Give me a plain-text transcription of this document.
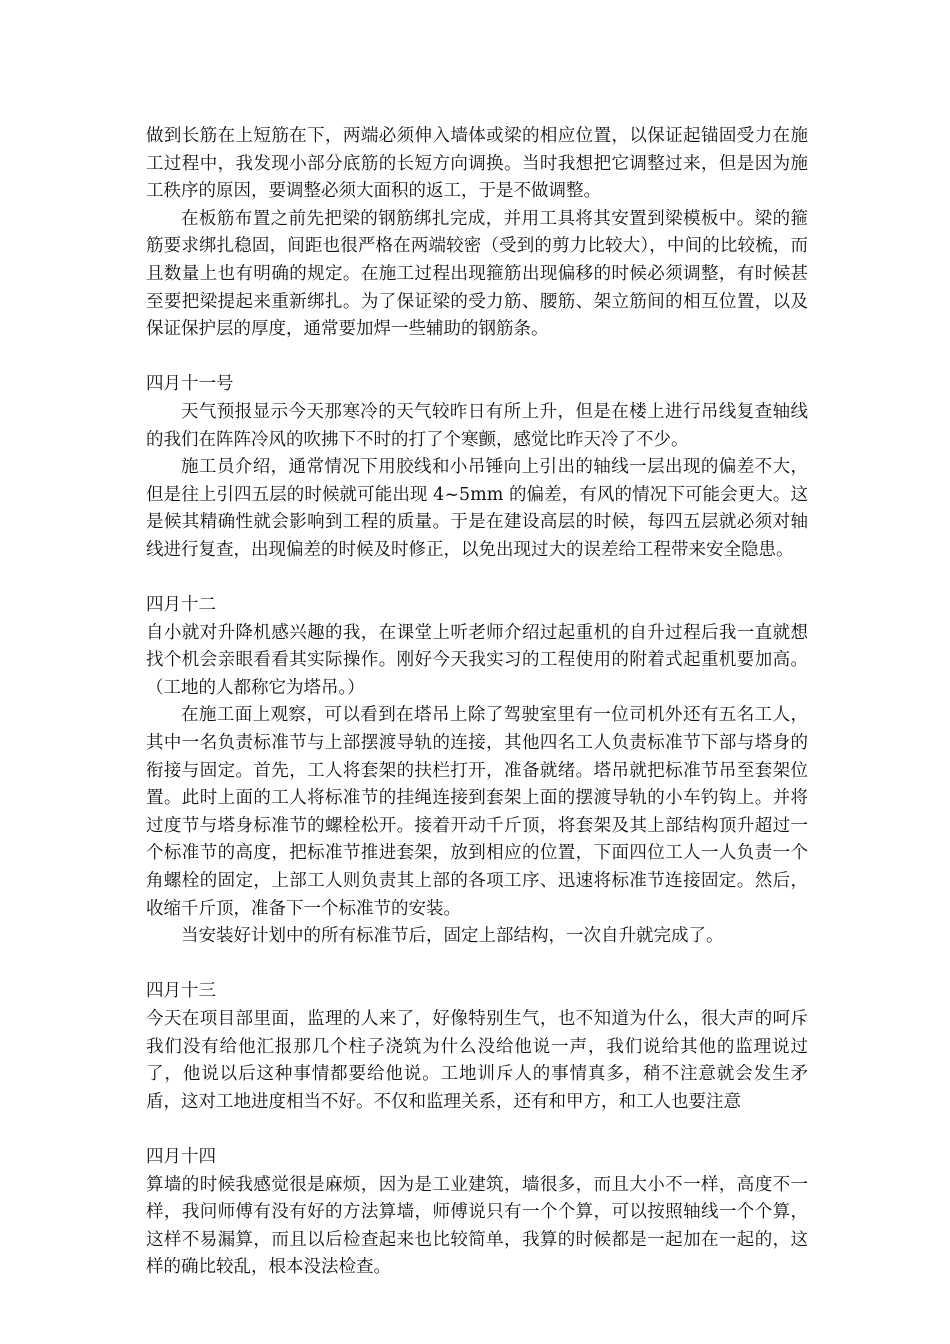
做到长筋在上短筋在下，两端必须伸入墙体或梁的相应位置，以保证起锚固受力在施工过程中，我发现小部分底筋的长短方向调换。当时我想把它调整过来，但是因为施工秩序的原因，要调整必须大面积的返工，于是不做调整。

在板筋布置之前先把梁的钢筋绑扎完成，并用工具将其安置到梁模板中。梁的箍筋要求绑扎稳固，间距也很严格在两端较密（受到的剪力比较大），中间的比较梳，而且数量上也有明确的规定。在施工过程出现箍筋出现偏移的时候必须调整，有时候甚至要把梁提起来重新绑扎。为了保证梁的受力筋、腰筋、架立筋间的相互位置，以及保证保护层的厚度，通常要加焊一些辅助的钢筋条。

四月十一号

天气预报显示今天那寒冷的天气较昨日有所上升，但是在楼上进行吊线复查轴线的我们在阵阵冷风的吹拂下不时的打了个寒颤，感觉比昨天冷了不少。

施工员介绍，通常情况下用胶线和小吊锤向上引出的轴线一层出现的偏差不大，但是往上引四五层的时候就可能出现 4~5mm 的偏差，有风的情况下可能会更大。这是候其精确性就会影响到工程的质量。于是在建设高层的时候，每四五层就必须对轴线进行复查，出现偏差的时候及时修正，以免出现过大的误差给工程带来安全隐患。

四月十二

自小就对升降机感兴趣的我，在课堂上听老师介绍过起重机的自升过程后我一直就想找个机会亲眼看看其实际操作。刚好今天我实习的工程使用的附着式起重机要加高。（工地的人都称它为塔吊。）

在施工面上观察，可以看到在塔吊上除了驾驶室里有一位司机外还有五名工人，其中一名负责标准节与上部摆渡导轨的连接，其他四名工人负责标准节下部与塔身的衔接与固定。首先，工人将套架的扶栏打开，准备就绪。塔吊就把标准节吊至套架位置。此时上面的工人将标准节的挂绳连接到套架上面的摆渡导轨的小车钓钩上。并将过度节与塔身标准节的螺栓松开。接着开动千斤顶，将套架及其上部结构顶升超过一个标准节的高度，把标准节推进套架，放到相应的位置，下面四位工人一人负责一个角螺栓的固定，上部工人则负责其上部的各项工序、迅速将标准节连接固定。然后，收缩千斤顶，准备下一个标准节的安装。

当安装好计划中的所有标准节后，固定上部结构，一次自升就完成了。

四月十三

今天在项目部里面，监理的人来了，好像特别生气，也不知道为什么，很大声的呵斥我们没有给他汇报那几个柱子浇筑为什么没给他说一声，我们说给其他的监理说过了，他说以后这种事情都要给他说。工地训斥人的事情真多，稍不注意就会发生矛盾，这对工地进度相当不好。不仅和监理关系，还有和甲方，和工人也要注意

四月十四

算墙的时候我感觉很是麻烦，因为是工业建筑，墙很多，而且大小不一样，高度不一样，我问师傅有没有好的方法算墙，师傅说只有一个个算，可以按照轴线一个个算，这样不易漏算，而且以后检查起来也比较简单，我算的时候都是一起加在一起的，这样的确比较乱，根本没法检查。
